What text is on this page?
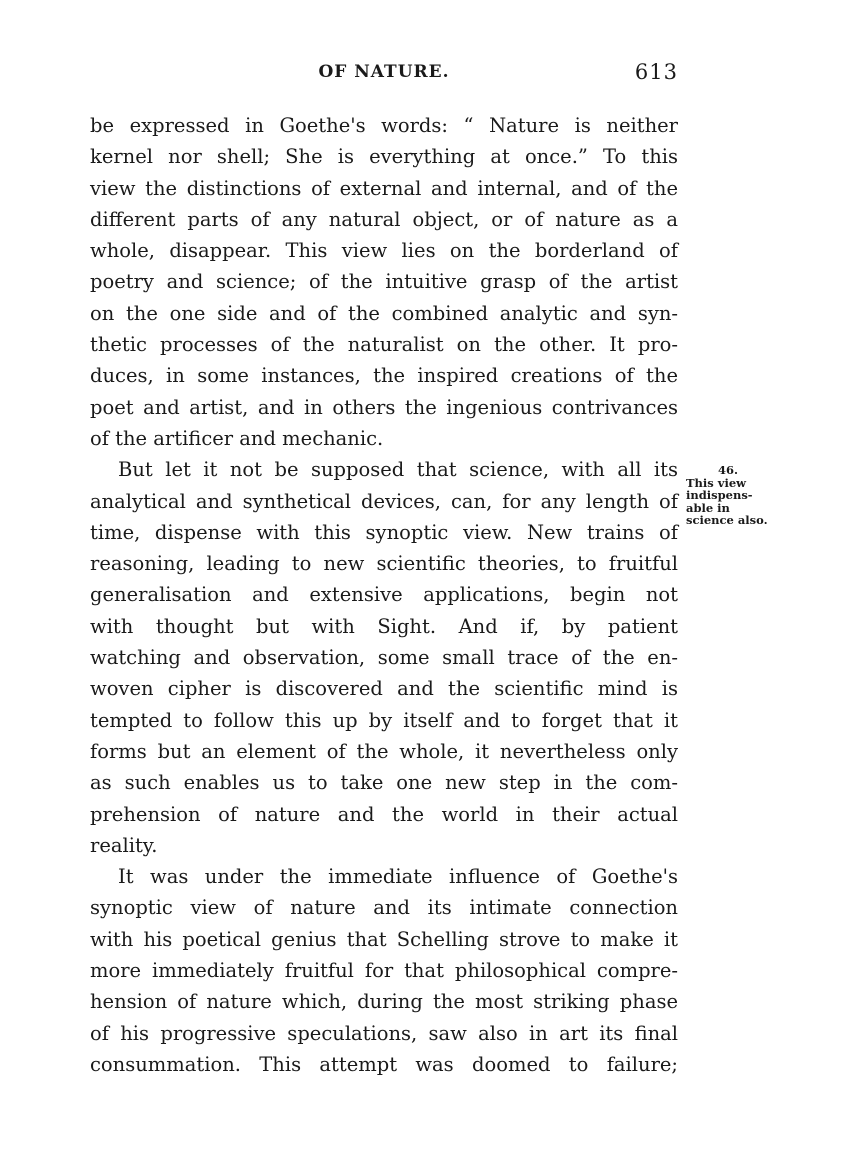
OF NATURE.	613
be expressed in Goethe's words: “ Nature is neither
kernel nor shell; She is everything at once.” To this
view the distinctions of external and internal, and of the
different parts of any natural object, or of nature as a
whole, disappear. This view lies on the borderland of
poetry and science; of the intuitive grasp of the artist
on the one side and of the combined analytic and syn-
thetic processes of the naturalist on the other. It pro-
duces, in some instances, the inspired creations of the
poet and artist, and in others the ingenious contrivances
of the artificer and mechanic.
But let it not be supposed that science, with all its
analytical and synthetical devices, can, for any length of
time, dispense with this synoptic view. New trains of
reasoning, leading to new scientific theories, to fruitful
generalisation and extensive applications, begin not
with thought but with Sight. And if, by patient
watching and observation, some small trace of the en-
woven cipher is discovered and the scientific mind is
tempted to follow this up by itself and to forget that it
forms but an element of the whole, it nevertheless only
as such enables us to take one new step in the com-
prehension of nature and the world in their actual
reality.
It was under the immediate influence of Goethe's
synoptic view of nature and its intimate connection
with his poetical genius that Schelling strove to make it
more immediately fruitful for that philosophical compre-
hension of nature which, during the most striking phase
of his progressive speculations, saw also in art its final
consummation. This attempt was doomed to failure;
46.
This view
indispens-
able in
science also.
